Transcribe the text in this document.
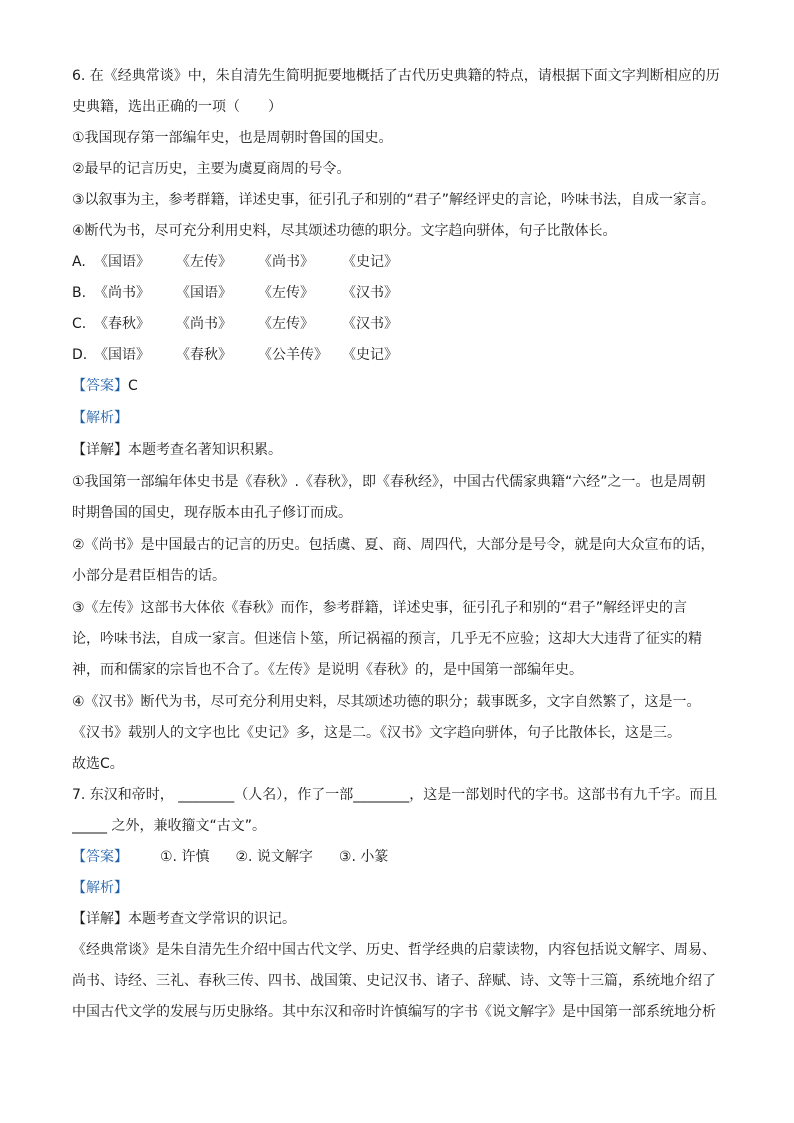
6. 在《经典常谈》中，朱自清先生简明扼要地概括了古代历史典籍的特点，请根据下面文字判断相应的历
史典籍，选出正确的一项（　　）
①我国现存第一部编年史，也是周朝时鲁国的国史。
②最早的记言历史，主要为虞夏商周的号令。
③以叙事为主，参考群籍，详述史事，征引孔子和别的“君子”解经评史的言论，吟味书法，自成一家言。
④断代为书，尽可充分利用史料，尽其颂述功德的职分。文字趋向骈体，句子比散体长。
A. 《国语》 《左传》 《尚书》 《史记》
B. 《尚书》 《国语》 《左传》 《汉书》
C. 《春秋》 《尚书》 《左传》 《汉书》
D. 《国语》 《春秋》 《公羊传》 《史记》
【答案】C
【解析】
【详解】本题考查名著知识积累。
①我国第一部编年体史书是《春秋》.《春秋》，即《春秋经》，中国古代儒家典籍“六经”之一。也是周朝
时期鲁国的国史，现存版本由孔子修订而成。
②《尚书》是中国最古的记言的历史。包括虞、夏、商、周四代，大部分是号令，就是向大众宣布的话，
小部分是君臣相告的话。
③《左传》这部书大体依《春秋》而作，参考群籍，详述史事，征引孔子和别的“君子”解经评史的言
论，吟味书法，自成一家言。但迷信卜筮，所记祸福的预言，几乎无不应验；这却大大违背了征实的精
神，而和儒家的宗旨也不合了。《左传》是说明《春秋》的，是中国第一部编年史。
④《汉书》断代为书，尽可充分利用史料，尽其颂述功德的职分；载事既多，文字自然繁了，这是一。
《汉书》载别人的文字也比《史记》多，这是二。《汉书》文字趋向骈体，句子比散体长，这是三。
故选C。
7. 东汉和帝时， ________（人名），作了一部________，这是一部划时代的字书。这部书有九千字。而且
_____ 之外，兼收籀文“古文”。
【答案】 ①. 许慎 ②. 说文解字 ③. 小篆
【解析】
【详解】本题考查文学常识的识记。
《经典常谈》是朱自清先生介绍中国古代文学、历史、哲学经典的启蒙读物，内容包括说文解字、周易、
尚书、诗经、三礼、春秋三传、四书、战国策、史记汉书、诸子、辞赋、诗、文等十三篇，系统地介绍了
中国古代文学的发展与历史脉络。其中东汉和帝时许慎编写的字书《说文解字》是中国第一部系统地分析
